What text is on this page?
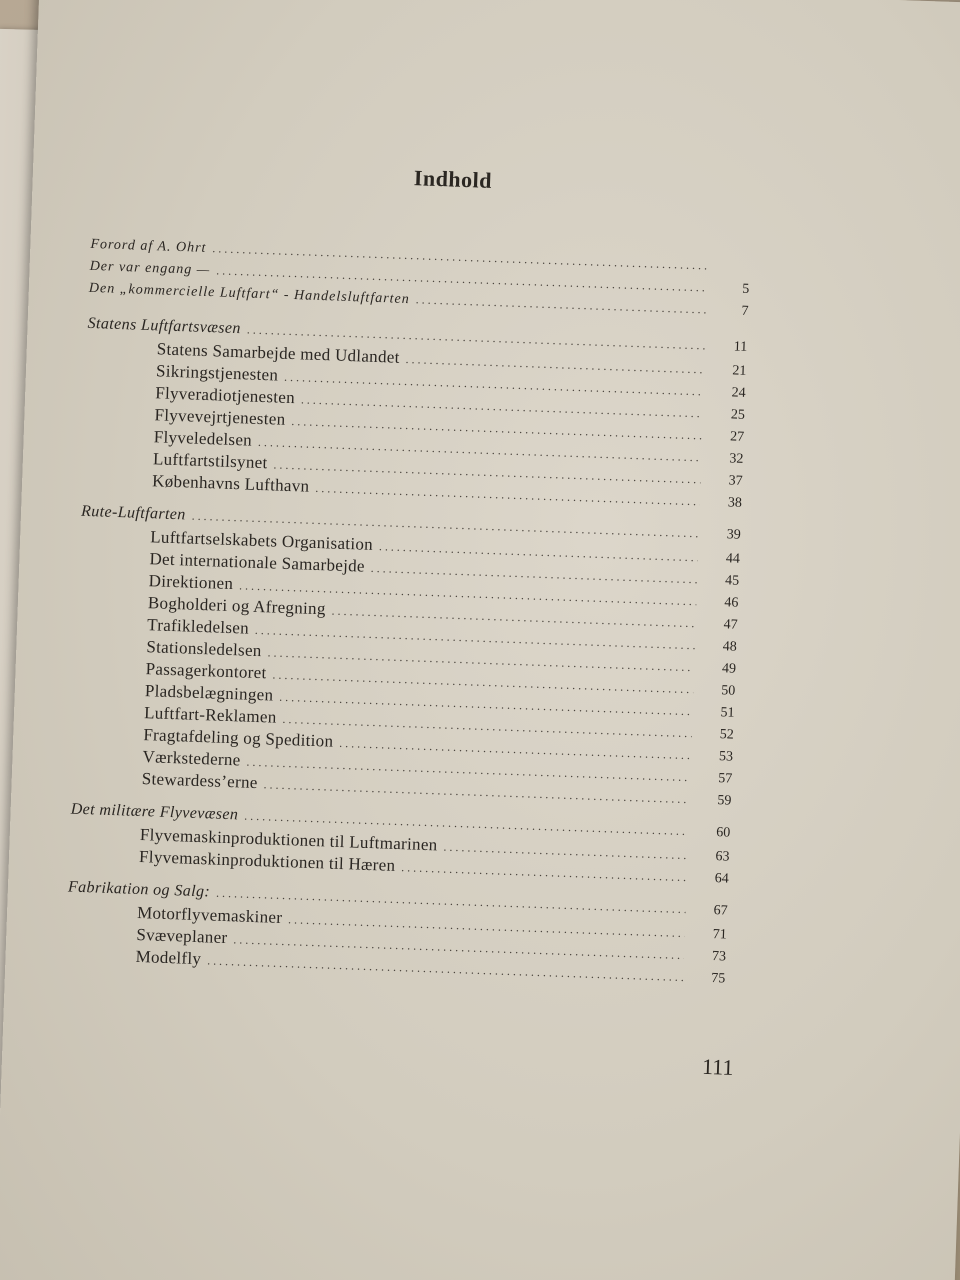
Indhold
Forord af A. Ohrt
.....
Der var engang —
.....
5
Den „kommercielle Luftfart“ - Handelsluftfarten
.....
7
Statens Luftfartsvæsen
.....
11
Statens Samarbejde med Udlandet
.....
21
Sikringstjenesten
.....
24
Flyveradiotjenesten
.....
25
Flyvevejrtjenesten
.....
27
Flyveledelsen
.....
32
Luftfartstilsynet
.....
37
Københavns Lufthavn
.....
38
Rute-Luftfarten
.....
39
Luftfartselskabets Organisation
.....
44
Det internationale Samarbejde
.....
45
Direktionen
.....
46
Bogholderi og Afregning
.....
47
Trafikledelsen
.....
48
Stationsledelsen
.....
49
Passagerkontoret
.....
50
Pladsbelægningen
.....
51
Luftfart-Reklamen
.....
52
Fragtafdeling og Spedition
.....
53
Værkstederne
.....
57
Stewardess’erne
.....
59
Det militære Flyvevæsen
.....
60
Flyvemaskinproduktionen til Luftmarinen
.....
63
Flyvemaskinproduktionen til Hæren
.....
64
Fabrikation og Salg:
.....
67
Motorflyvemaskiner
.....
71
Svæveplaner
.....
73
Modelfly
.....
75
111
